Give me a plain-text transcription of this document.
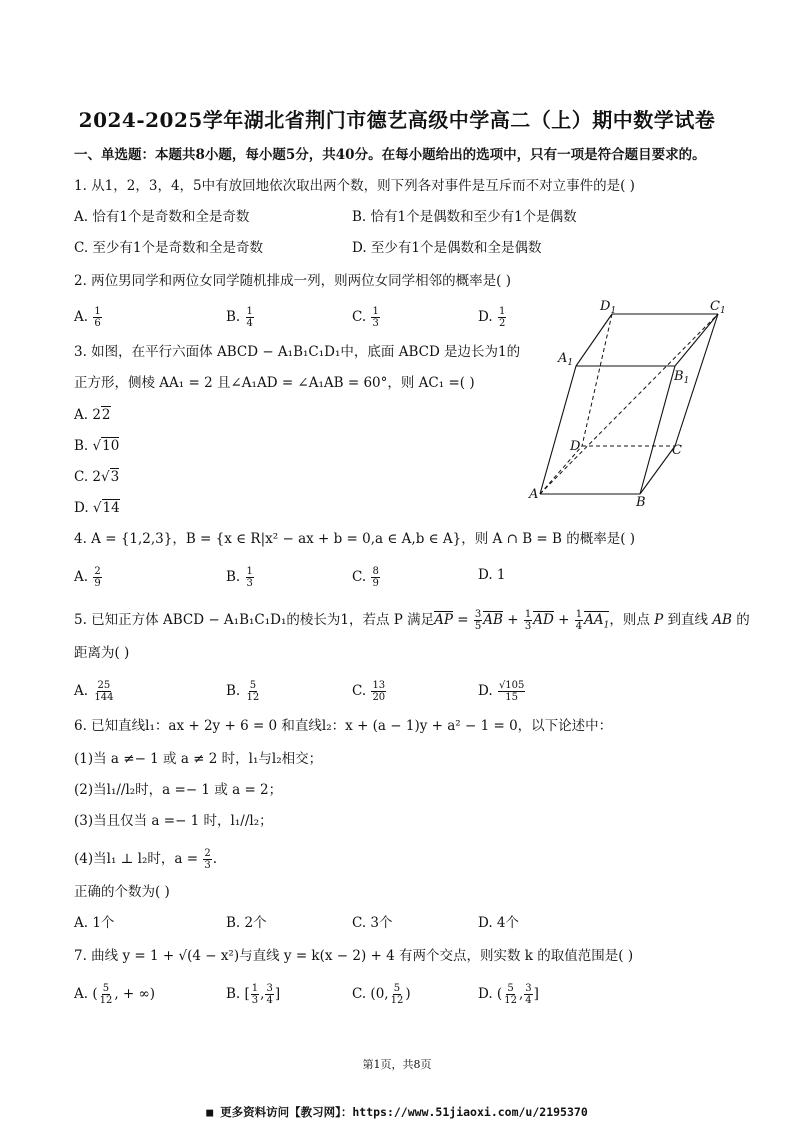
2024-2025学年湖北省荆门市德艺高级中学高二（上）期中数学试卷
一、单选题：本题共8小题，每小题5分，共40分。在每小题给出的选项中，只有一项是符合题目要求的。
1. 从1，2，3，4，5中有放回地依次取出两个数，则下列各对事件是互斥而不对立事件的是( )
A. 恰有1个是奇数和全是奇数	B. 恰有1个是偶数和至少有1个是偶数
C. 至少有1个是奇数和全是奇数	D. 至少有1个是偶数和全是偶数
2. 两位男同学和两位女同学随机排成一列，则两位女同学相邻的概率是( )
A. $\frac{1}{6}$	B. $\frac{1}{4}$	C. $\frac{1}{3}$	D. $\frac{1}{2}$
3. 如图，在平行六面体 ABCD − A₁B₁C₁D₁中，底面 ABCD 是边长为1的
正方形，侧棱 AA₁ = 2 且∠A₁AD = ∠A₁AB = 60°，则 AC₁ =( )
A. 22
B. √10
C. 2√3
D. √14
$D_1$	$C_1$
$A_1$
$B_1$
D	C
A
B
4. A = {1,2,3}，B = {x ∈ R|x² − ax + b = 0,a ∈ A,b ∈ A}，则 A ∩ B = B 的概率是( )
A. $\frac{2}{9}$	B. $\frac{1}{3}$	C. $\frac{8}{9}$	D. 1
5. 已知正方体 ABCD − A₁B₁C₁D₁的棱长为1，若点 P 满足AP = $\frac{3}{5}$ AB + $\frac{1}{3}$ AD + $\frac{1}{4} AA_1$，则点 P 到直线 AB 的
距离为( )
A. $\frac{25}{144}$	B. $\frac{5}{12}$	C. $\frac{13}{20}$	D. $\frac{√105}{15}$
6. 已知直线l₁：ax + 2y + 6 = 0 和直线l₂：x + (a − 1)y + a² − 1 = 0，以下论述中：
(1)当 a ≠− 1 或 a ≠ 2 时，l₁与l₂相交；
(2)当l₁//l₂时，a =− 1 或 a = 2；
(3)当且仅当 a =− 1 时，l₁//l₂；
(4)当l₁ ⊥ l₂时，$a = \frac{2}{3}$ .
正确的个数为( )
A. 1个	B. 2个	C. 3个	D. 4个
7. 曲线 y = 1 + √(4 − x²)与直线 y = k(x − 2) + 4 有两个交点，则实数 k 的取值范围是( )
A. ( $\frac{5}{12}$ , + ∞)	B. [ $\frac{1}{3}$ , $\frac{3}{4}$ ]	C. (0, $\frac{5}{12}$ )	D. ( $\frac{5}{12}$ , $\frac{3}{4}$ ]
第1页，共8页
■ 更多资料访问【教习网】：https://www.51jiaoxi.com/u/2195370
